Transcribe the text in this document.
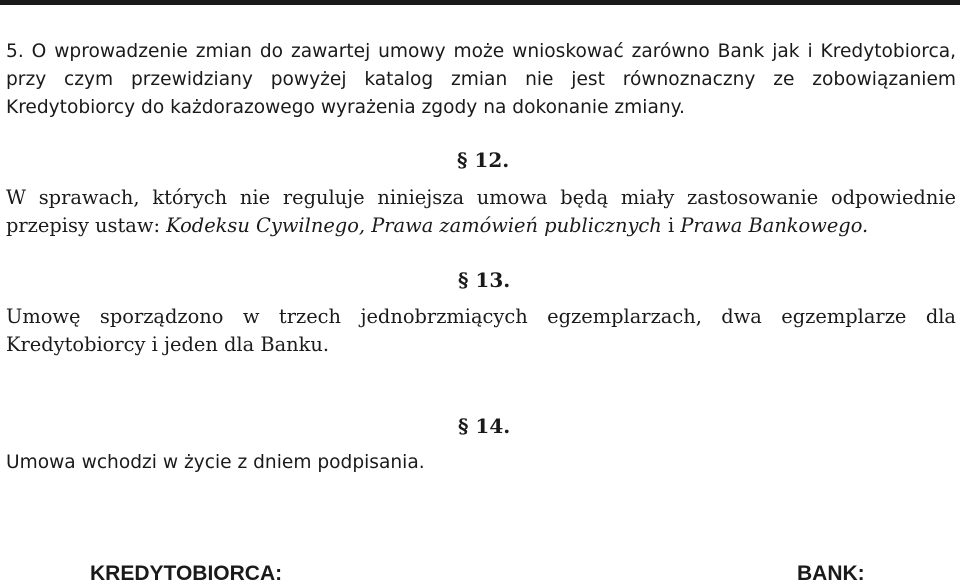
5. O wprowadzenie zmian do zawartej umowy może wnioskować zarówno Bank jak i Kredytobiorca, przy czym przewidziany powyżej katalog zmian nie jest równoznaczny ze zobowiązaniem Kredytobiorcy do każdorazowego wyrażenia zgody na dokonanie zmiany.

§ 12.

W sprawach, których nie reguluje niniejsza umowa będą miały zastosowanie odpowiednie przepisy ustaw: Kodeksu Cywilnego, Prawa zamówień publicznych i Prawa Bankowego.

§ 13.

Umowę sporządzono w trzech jednobrzmiących egzemplarzach, dwa egzemplarze dla Kredytobiorcy i jeden dla Banku.

§ 14.

Umowa wchodzi w życie z dniem podpisania.

KREDYTOBIORCA:	BANK:
